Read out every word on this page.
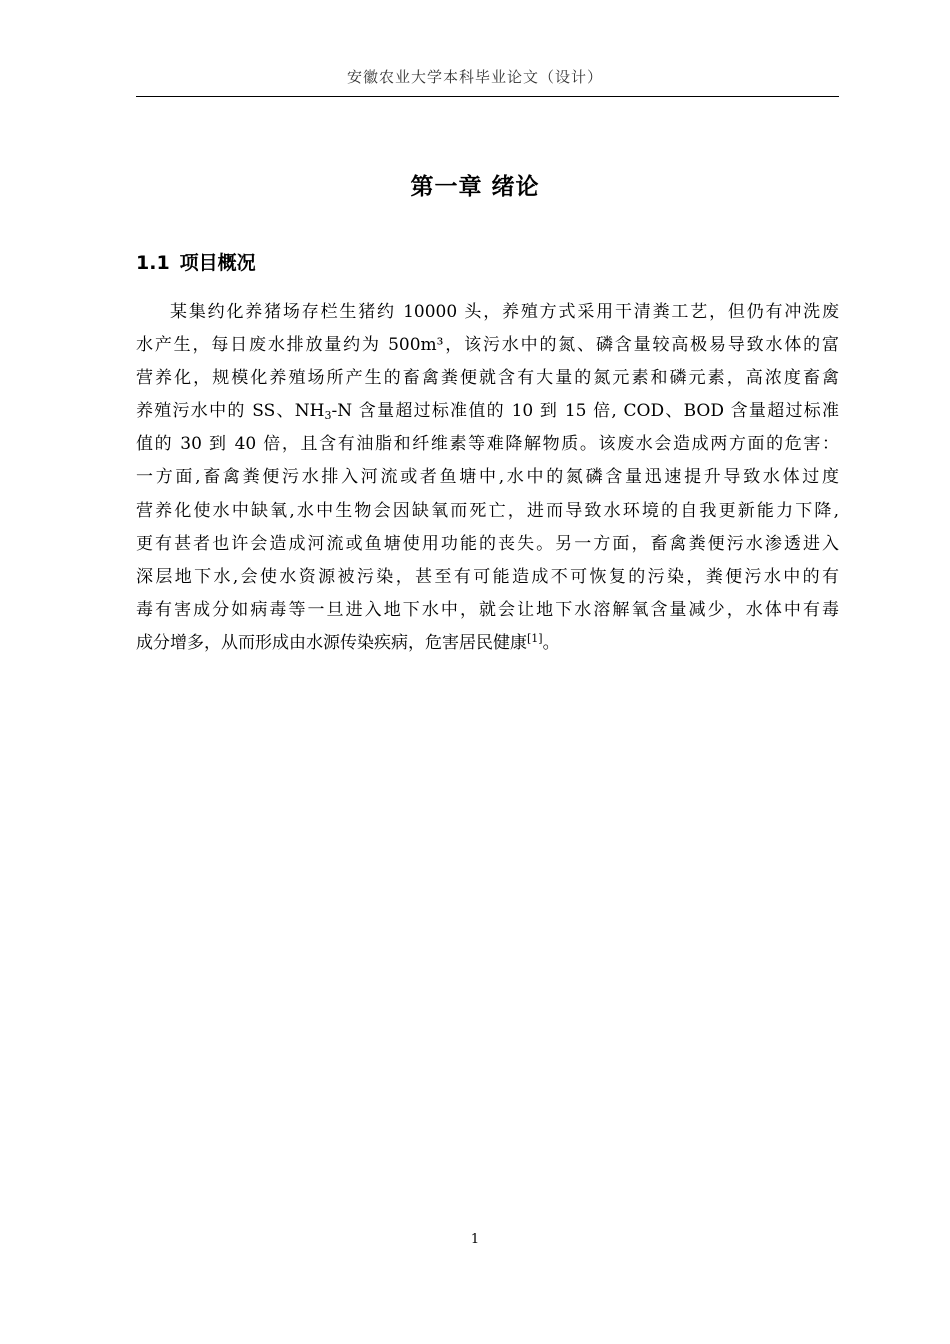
安徽农业大学本科毕业论文（设计）
第一章 绪论
1.1 项目概况
某集约化养猪场存栏生猪约 10000 头，养殖方式采用干清粪工艺，但仍有冲洗废
水产生，每日废水排放量约为 500m³，该污水中的氮、磷含量较高极易导致水体的富
营养化，规模化养殖场所产生的畜禽粪便就含有大量的氮元素和磷元素，高浓度畜禽
养殖污水中的 SS、$NH_3-N$ 含量超过标准值的 10 到 15 倍, COD、BOD 含量超过标准
值的 30 到 40 倍，且含有油脂和纤维素等难降解物质。该废水会造成两方面的危害：
一方面,畜禽粪便污水排入河流或者鱼塘中,水中的氮磷含量迅速提升导致水体过度
营养化使水中缺氧,水中生物会因缺氧而死亡，进而导致水环境的自我更新能力下降,
更有甚者也许会造成河流或鱼塘使用功能的丧失。另一方面，畜禽粪便污水渗透进入
深层地下水,会使水资源被污染，甚至有可能造成不可恢复的污染，粪便污水中的有
毒有害成分如病毒等一旦进入地下水中，就会让地下水溶解氧含量减少，水体中有毒
成分增多，从而形成由水源传染疾病，危害居民健康[1]。
1
